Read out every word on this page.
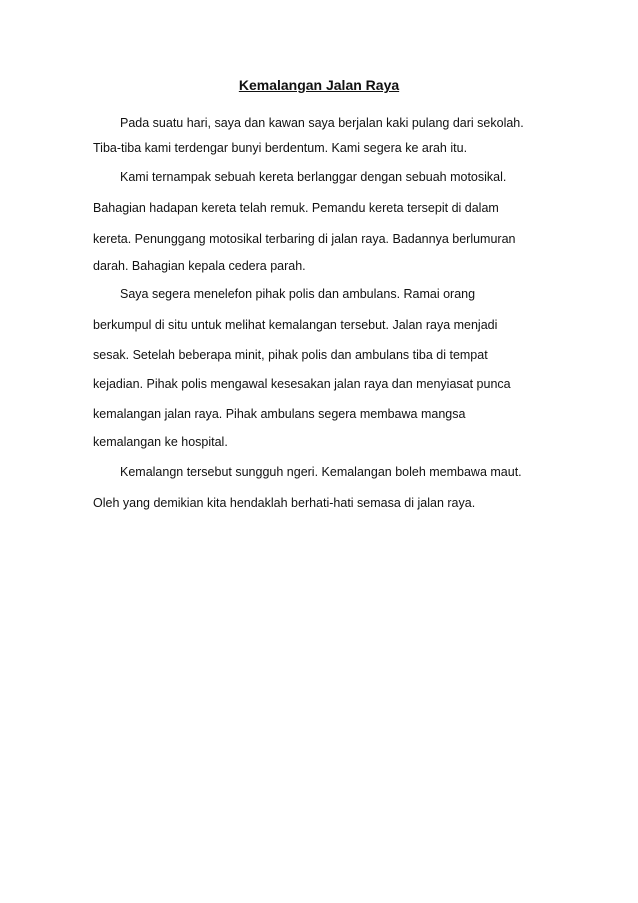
Kemalangan Jalan Raya
Pada suatu hari, saya dan kawan saya berjalan kaki pulang dari sekolah.
Tiba-tiba kami terdengar bunyi berdentum. Kami segera ke arah itu.
Kami ternampak sebuah kereta berlanggar dengan sebuah motosikal.
Bahagian hadapan kereta telah remuk. Pemandu kereta tersepit di dalam
kereta. Penunggang motosikal terbaring di jalan raya. Badannya berlumuran
darah. Bahagian kepala cedera parah.
Saya segera menelefon pihak polis dan ambulans. Ramai orang
berkumpul di situ untuk melihat kemalangan tersebut. Jalan raya menjadi
sesak. Setelah beberapa minit, pihak polis dan ambulans tiba di tempat
kejadian. Pihak polis mengawal kesesakan jalan raya dan menyiasat punca
kemalangan jalan raya. Pihak ambulans segera membawa mangsa
kemalangan ke hospital.
Kemalangn tersebut sungguh ngeri. Kemalangan boleh membawa maut.
Oleh yang demikian kita hendaklah berhati-hati semasa di jalan raya.
